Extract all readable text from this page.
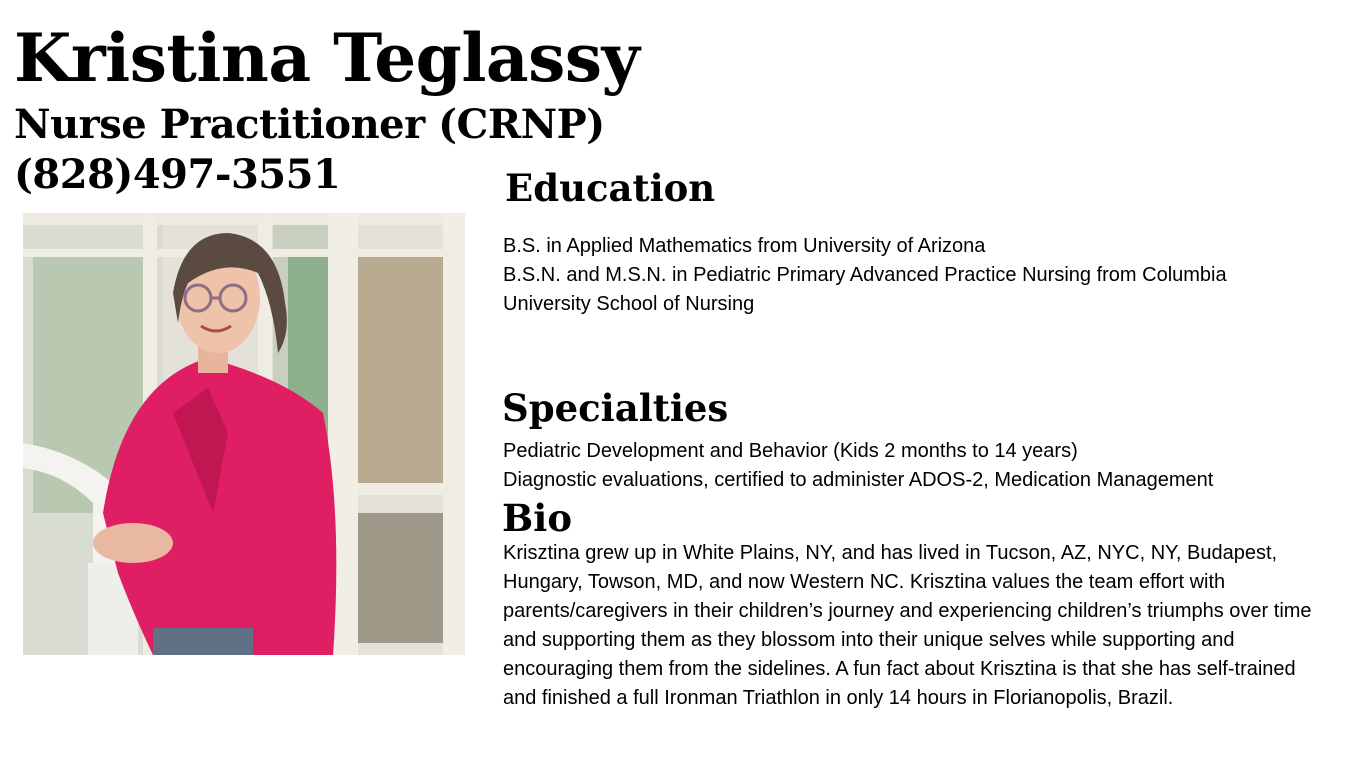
Kristina Teglassy
Nurse Practitioner (CRNP)
(828)497-3551	Education
B.S. in Applied Mathematics from University of Arizona
B.S.N. and M.S.N. in Pediatric Primary Advanced Practice Nursing from Columbia University School of Nursing
Specialties
Pediatric Development and Behavior (Kids 2 months to 14 years)
Diagnostic evaluations, certified to administer ADOS-2, Medication Management
Bio
Krisztina grew up in White Plains, NY, and has lived in Tucson, AZ, NYC, NY, Budapest, Hungary, Towson, MD, and now Western NC. Krisztina values the team effort with parents/caregivers in their children’s journey and experiencing children’s triumphs over time and supporting them as they blossom into their unique selves while supporting and encouraging them from the sidelines. A fun fact about Krisztina is that she has self-trained and finished a full Ironman Triathlon in only 14 hours in Florianopolis, Brazil.
